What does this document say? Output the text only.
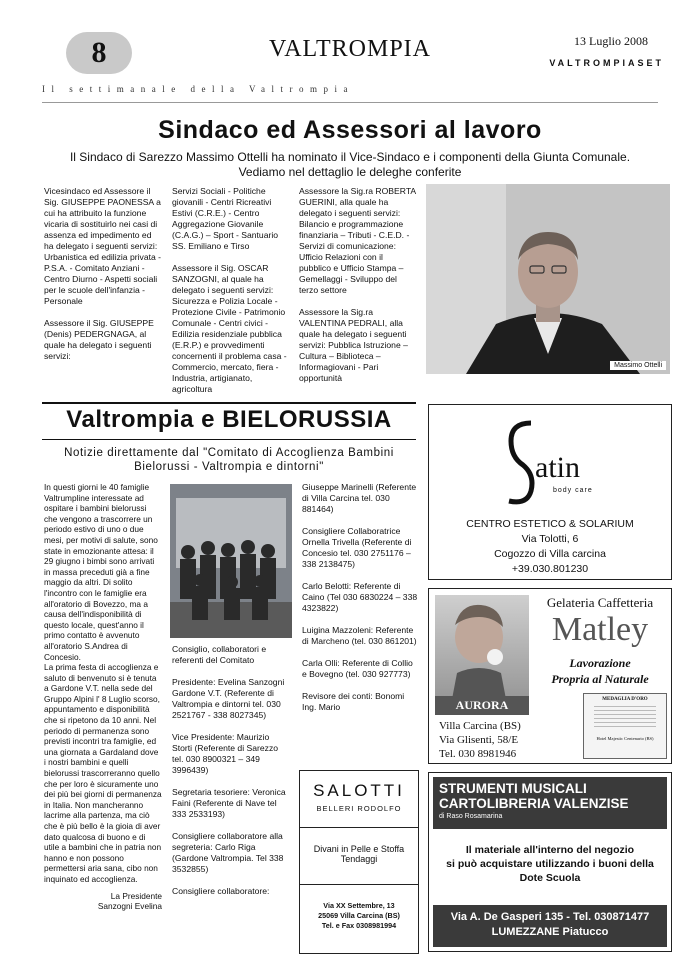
8	VALTROMPIA	13 Luglio 2008
VALTROMPIASET
Il settimanale della Valtrompia
Sindaco ed Assessori al lavoro
Il Sindaco di Sarezzo Massimo Ottelli ha nominato il Vice-Sindaco e i componenti della Giunta Comunale.
Vediamo nel dettaglio le deleghe conferite

Vicesindaco ed Assessore il Sig. GIUSEPPE PAONESSA a cui ha attribuito la funzione vicaria di sostituirlo nei casi di assenza ed impedimento ed ha delegato i seguenti servizi: Urbanistica ed edilizia privata - P.S.A. - Comitato Anziani - Centro Diurno - Aspetti sociali per le scuole dell'infanzia - Personale

Assessore il Sig. GIUSEPPE (Denis) PEDERGNAGA, al quale ha delegato i seguenti servizi:

Servizi Sociali - Politiche giovanili - Centri Ricreativi Estivi (C.R.E.) - Centro Aggregazione Giovanile (C.A.G.) – Sport - Santuario SS. Emiliano e Tirso

Assessore il Sig. OSCAR SANZOGNI, al quale ha delegato i seguenti servizi: Sicurezza e Polizia Locale - Protezione Civile - Patrimonio Comunale - Centri civici - Edilizia residenziale pubblica (E.R.P.) e provvedimenti concernenti il problema casa - Commercio, mercato, fiera - Industria, artigianato, agricoltura

Assessore la Sig.ra ROBERTA GUERINI, alla quale ha delegato i seguenti servizi: Bilancio e programmazione finanziaria – Tributi - C.E.D. - Servizi di comunicazione: Ufficio Relazioni con il pubblico e Ufficio Stampa – Gemellaggi - Sviluppo del terzo settore

Assessore la Sig.ra VALENTINA PEDRALI, alla quale ha delegato i seguenti servizi: Pubblica Istruzione – Cultura – Biblioteca – Informagiovani - Pari opportunità

Massimo Ottelli
Valtrompia e BIELORUSSIA
Notizie direttamente dal "Comitato di Accoglienza Bambini
Bielorussi - Valtrompia e dintorni"

In questi giorni le 40 famiglie Valtrumpline interessate ad ospitare i bambini bielorussi che vengono a trascorrere un periodo estivo di uno o due mesi, per motivi di salute, sono state in emozionante attesa: il 29 giugno i bimbi sono arrivati in massa precedutі già a fine maggio da altri. Di solito l'incontro con le famiglie era all'oratorio di Bovezzo, ma a causa dell'indisponibilità di questo locale, quest'anno il primo contatto è avvenuto all'oratorio S.Andrea di Concesio.

La prima festa di accoglienza e saluto di benvenuto si è tenuta a Gardone V.T. nella sede del Gruppo Alpini l' 8 Luglio scorso, appuntamento e disponibilità che si ripetono da 10 anni. Nel periodo di permanenza sono previsti incontri tra famiglie, ed una giornata a Gardaland dove i nostri bambini e quelli bielorussi trascorreranno quello che per loro è sicuramente uno dei più bei giorni di permanenza in Italia. Non mancheranno lacrime alla partenza, ma ciò che è più bello è la gioia di aver dato qualcosa di buono e di utile a bambini che in patria non hanno e non possono permettersi aria sana, cibo non inquinato ed accoglienza.

La Presidente
Sanzogni Evelina

Consiglio, collaboratori e referenti del Comitato

Presidente: Evelina Sanzogni Gardone V.T. (Referente di Valtrompia e dintorni tel. 030 2521767 - 338 8027345)

Vice Presidente: Maurizio Storti (Referente di Sarezzo tel. 030 8900321 – 349 3996439)

Segretaria tesoriere: Veronica Faini (Referente di Nave tel 333 2533193)

Consigliere collaboratore alla segreteria: Carlo Riga (Gardone Valtrompia. Tel 338 3532855)

Consigliere collaboratore:

Giuseppe Marinelli (Referente di Villa Carcina tel. 030 881464)

Consigliere Collaboratrice Ornella Trivella (Referente di Concesio tel. 030 2751176 – 338 2138475)

Carlo Belotti: Referente di Caino (Tel 030 6830224 – 338 4323822)

Luigina Mazzoleni: Referente di Marcheno (tel. 030 861201)

Carla Olli: Referente di Collio e Bovegno (tel. 030 927773)

Revisore dei conti: Bonomi Ing. Mario

SALOTTI
BELLERI RODOLFO
Divani in Pelle e Stoffa
Tendaggi
Via XX Settembre, 13
25069 Villa Carcina (BS)
Tel. e Fax 0308981994
atin
body care
CENTRO ESTETICO & SOLARIUM
Via Tolotti, 6
Cogozzo di Villa carcina
+39.030.801230
AURORA
Gelateria Caffetteria
Matley
Lavorazione
Propria al Naturale
Villa Carcina (BS)
Via Glisenti, 58/E
Tel. 030 8981946
MEDAGLIA D'ORO
Hotel Majestic Centenario (BS)
STRUMENTI MUSICALI
CARTOLIBRERIA VALENZISE
di Raso Rosamarina
Il materiale all'interno del negozio
si può acquistare utilizzando i buoni della
Dote Scuola
Via A. De Gasperi 135 - Tel. 030871477
LUMEZZANE Piatucco
